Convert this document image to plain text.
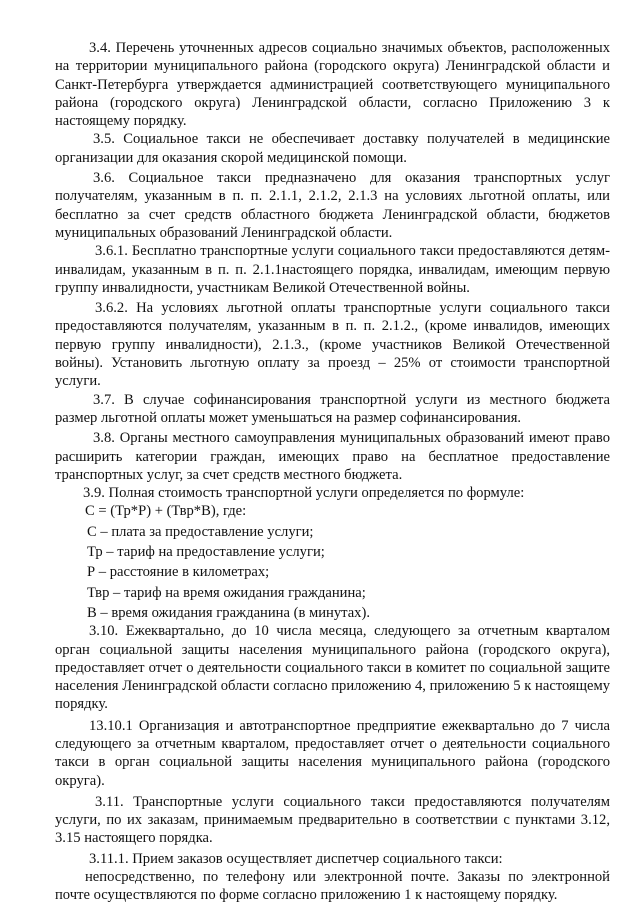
3.4. Перечень уточненных адресов социально значимых объектов, расположенных на территории муниципального района (городского округа) Ленинградской области и Санкт-Петербурга утверждается администрацией соответствующего муниципального района (городского округа) Ленинградской области, согласно Приложению 3 к настоящему порядку.

3.5. Социальное такси не обеспечивает доставку получателей в медицинские организации для оказания скорой медицинской помощи.

3.6. Социальное такси предназначено для оказания транспортных услуг получателям, указанным в п. п. 2.1.1, 2.1.2, 2.1.3 на условиях льготной оплаты, или бесплатно за счет средств областного бюджета Ленинградской области, бюджетов муниципальных образований Ленинградской области.

3.6.1. Бесплатно транспортные услуги социального такси предоставляются детям-инвалидам, указанным в п. п. 2.1.1настоящего порядка, инвалидам, имеющим первую группу инвалидности, участникам Великой Отечественной войны.

3.6.2. На условиях льготной оплаты транспортные услуги социального такси предоставляются получателям, указанным в п. п. 2.1.2., (кроме инвалидов, имеющих первую группу инвалидности), 2.1.3., (кроме участников Великой Отечественной войны). Установить льготную оплату за проезд – 25% от стоимости транспортной услуги.

3.7. В случае софинансирования транспортной услуги из местного бюджета размер льготной оплаты может уменьшаться на размер софинансирования.

3.8. Органы местного самоуправления муниципальных образований имеют право расширить категории граждан, имеющих право на бесплатное предоставление транспортных услуг, за счет средств местного бюджета.

3.9. Полная стоимость транспортной услуги определяется по формуле:

С = (Тр*Р) + (Твр*В), где:

С – плата за предоставление услуги;

Тр – тариф на предоставление услуги;

Р – расстояние в километрах;

Твр – тариф на время ожидания гражданина;

В – время ожидания гражданина (в минутах).

3.10. Ежеквартально, до 10 числа месяца, следующего за отчетным кварталом орган социальной защиты населения муниципального района (городского округа), предоставляет отчет о деятельности социального такси в комитет по социальной защите населения Ленинградской области согласно приложению 4, приложению 5 к настоящему порядку.

13.10.1 Организация и автотранспортное предприятие ежеквартально до 7 числа следующего за отчетным кварталом, предоставляет отчет о деятельности социального такси в орган социальной защиты населения муниципального района (городского округа).

3.11. Транспортные услуги социального такси предоставляются получателям услуги, по их заказам, принимаемым предварительно в соответствии с пунктами 3.12, 3.15 настоящего порядка.

3.11.1. Прием заказов осуществляет диспетчер социального такси:

непосредственно, по телефону или электронной почте. Заказы по электронной почте осуществляются по форме согласно приложению 1 к настоящему порядку.
